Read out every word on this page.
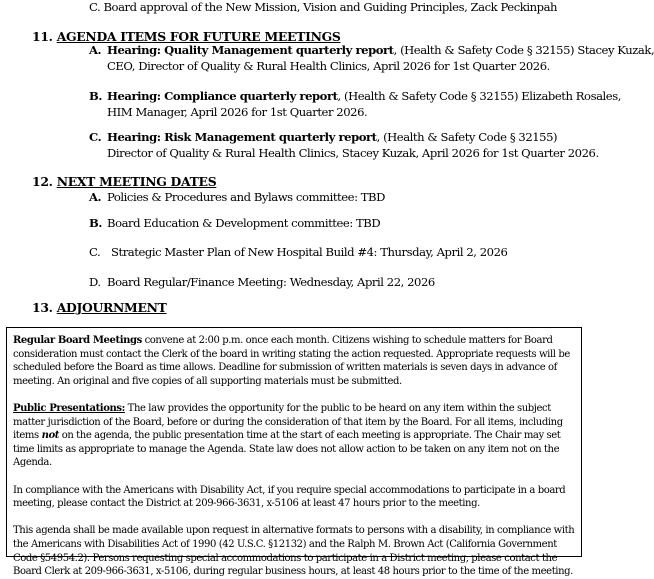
C. Board approval of the New Mission, Vision and Guiding Principles, Zack Peckinpah

11. AGENDA ITEMS FOR FUTURE MEETINGS
A. Hearing: Quality Management quarterly report, (Health & Safety Code § 32155) Stacey Kuzak,
CEO, Director of Quality & Rural Health Clinics, April 2026 for 1st Quarter 2026.
B. Hearing: Compliance quarterly report, (Health & Safety Code § 32155) Elizabeth Rosales,
HIM Manager, April 2026 for 1st Quarter 2026.
C. Hearing: Risk Management quarterly report, (Health & Safety Code § 32155)
Director of Quality & Rural Health Clinics, Stacey Kuzak, April 2026 for 1st Quarter 2026.
12. NEXT MEETING DATES
A. Policies & Procedures and Bylaws committee: TBD
B. Board Education & Development committee: TBD
C. Strategic Master Plan of New Hospital Build #4: Thursday, April 2, 2026
D. Board Regular/Finance Meeting: Wednesday, April 22, 2026
13. ADJOURNMENT

Regular Board Meetings convene at 2:00 p.m. once each month. Citizens wishing to schedule matters for Board consideration must contact the Clerk of the board in writing stating the action requested. Appropriate requests will be scheduled before the Board as time allows. Deadline for submission of written materials is seven days in advance of meeting. An original and five copies of all supporting materials must be submitted.

Public Presentations: The law provides the opportunity for the public to be heard on any item within the subject matter jurisdiction of the Board, before or during the consideration of that item by the Board. For all items, including items not on the agenda, the public presentation time at the start of each meeting is appropriate. The Chair may set time limits as appropriate to manage the Agenda. State law does not allow action to be taken on any item not on the Agenda.

In compliance with the Americans with Disability Act, if you require special accommodations to participate in a board meeting, please contact the District at 209-966-3631, x-5106 at least 47 hours prior to the meeting.

This agenda shall be made available upon request in alternative formats to persons with a disability, in compliance with the Americans with Disabilities Act of 1990 (42 U.S.C. §12132) and the Ralph M. Brown Act (California Government Code §54954.2). Persons requesting special accommodations to participate in a District meeting, please contact the Board Clerk at 209-966-3631, x-5106, during regular business hours, at least 48 hours prior to the time of the meeting.
